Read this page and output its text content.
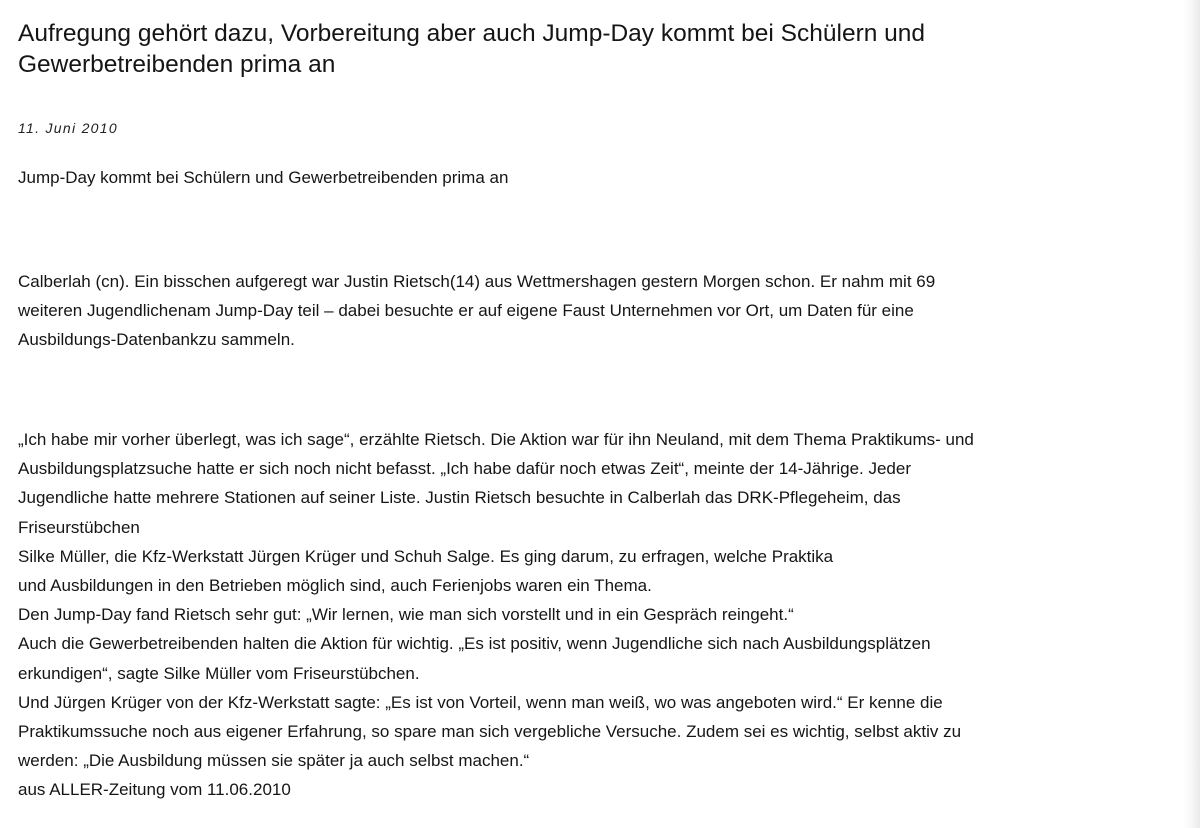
Aufregung gehört dazu, Vorbereitung aber auch Jump-Day kommt bei Schülern und
Gewerbetreibenden prima an

11. Juni 2010

Jump-Day kommt bei Schülern und Gewerbetreibenden prima an

Calberlah (cn). Ein bisschen aufgeregt war Justin Rietsch(14) aus Wettmershagen gestern Morgen schon. Er nahm mit 69
weiteren Jugendlichenam Jump-Day teil – dabei besuchte er auf eigene Faust Unternehmen vor Ort, um Daten für eine
Ausbildungs-Datenbankzu sammeln.

„Ich habe mir vorher überlegt, was ich sage“, erzählte Rietsch. Die Aktion war für ihn Neuland, mit dem Thema Praktikums- und
Ausbildungsplatzsuche hatte er sich noch nicht befasst. „Ich habe dafür noch etwas Zeit“, meinte der 14-Jährige. Jeder
Jugendliche hatte mehrere Stationen auf seiner Liste. Justin Rietsch besuchte in Calberlah das DRK-Pflegeheim, das
Friseurstübchen
Silke Müller, die Kfz-Werkstatt Jürgen Krüger und Schuh Salge. Es ging darum, zu erfragen, welche Praktika
und Ausbildungen in den Betrieben möglich sind, auch Ferienjobs waren ein Thema.
Den Jump-Day fand Rietsch sehr gut: „Wir lernen, wie man sich vorstellt und in ein Gespräch reingeht.“
Auch die Gewerbetreibenden halten die Aktion für wichtig. „Es ist positiv, wenn Jugendliche sich nach Ausbildungsplätzen
erkundigen“, sagte Silke Müller vom Friseurstübchen.
Und Jürgen Krüger von der Kfz-Werkstatt sagte: „Es ist von Vorteil, wenn man weiß, wo was angeboten wird.“ Er kenne die
Praktikumssuche noch aus eigener Erfahrung, so spare man sich vergebliche Versuche. Zudem sei es wichtig, selbst aktiv zu
werden: „Die Ausbildung müssen sie später ja auch selbst machen.“
aus ALLER-Zeitung vom 11.06.2010
